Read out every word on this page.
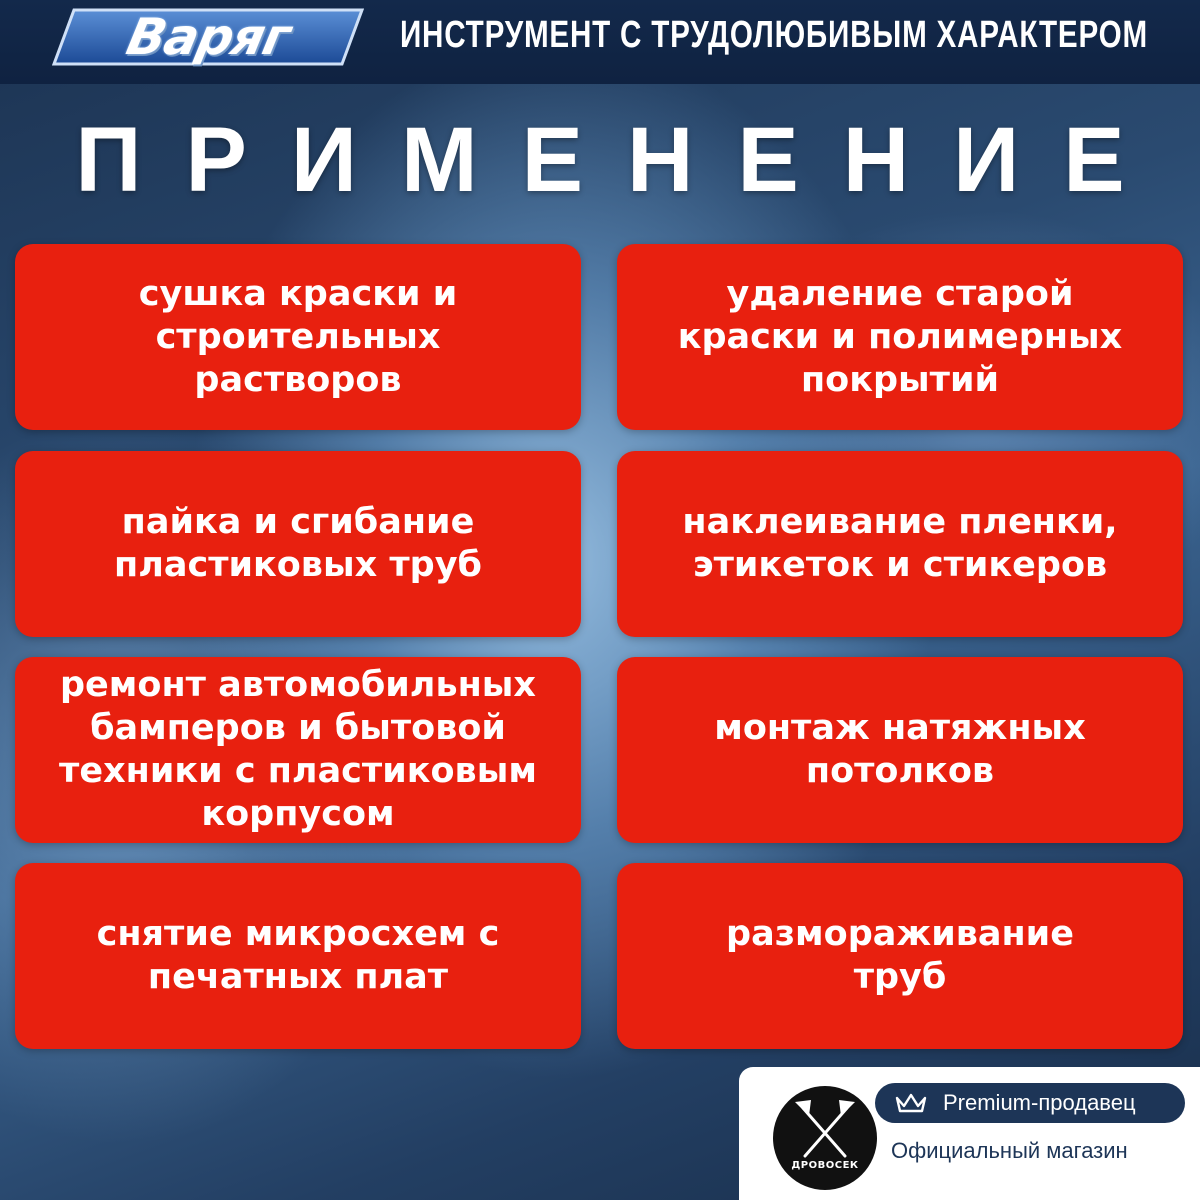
Варяг	ИНСТРУМЕНТ С ТРУДОЛЮБИВЫМ ХАРАКТЕРОМ
ПРИМЕНЕНИЕ
сушка краски и
строительных
растворов
удаление старой
краски и полимерных
покрытий
пайка и сгибание
пластиковых труб
наклеивание пленки,
этикеток и стикеров
ремонт автомобильных
бамперов и бытовой
техники с пластиковым
корпусом
монтаж натяжных
потолков
снятие микросхем с
печатных плат
размораживание
труб
ДРОВОСЕК
Premium-продавец
Официальный магазин
